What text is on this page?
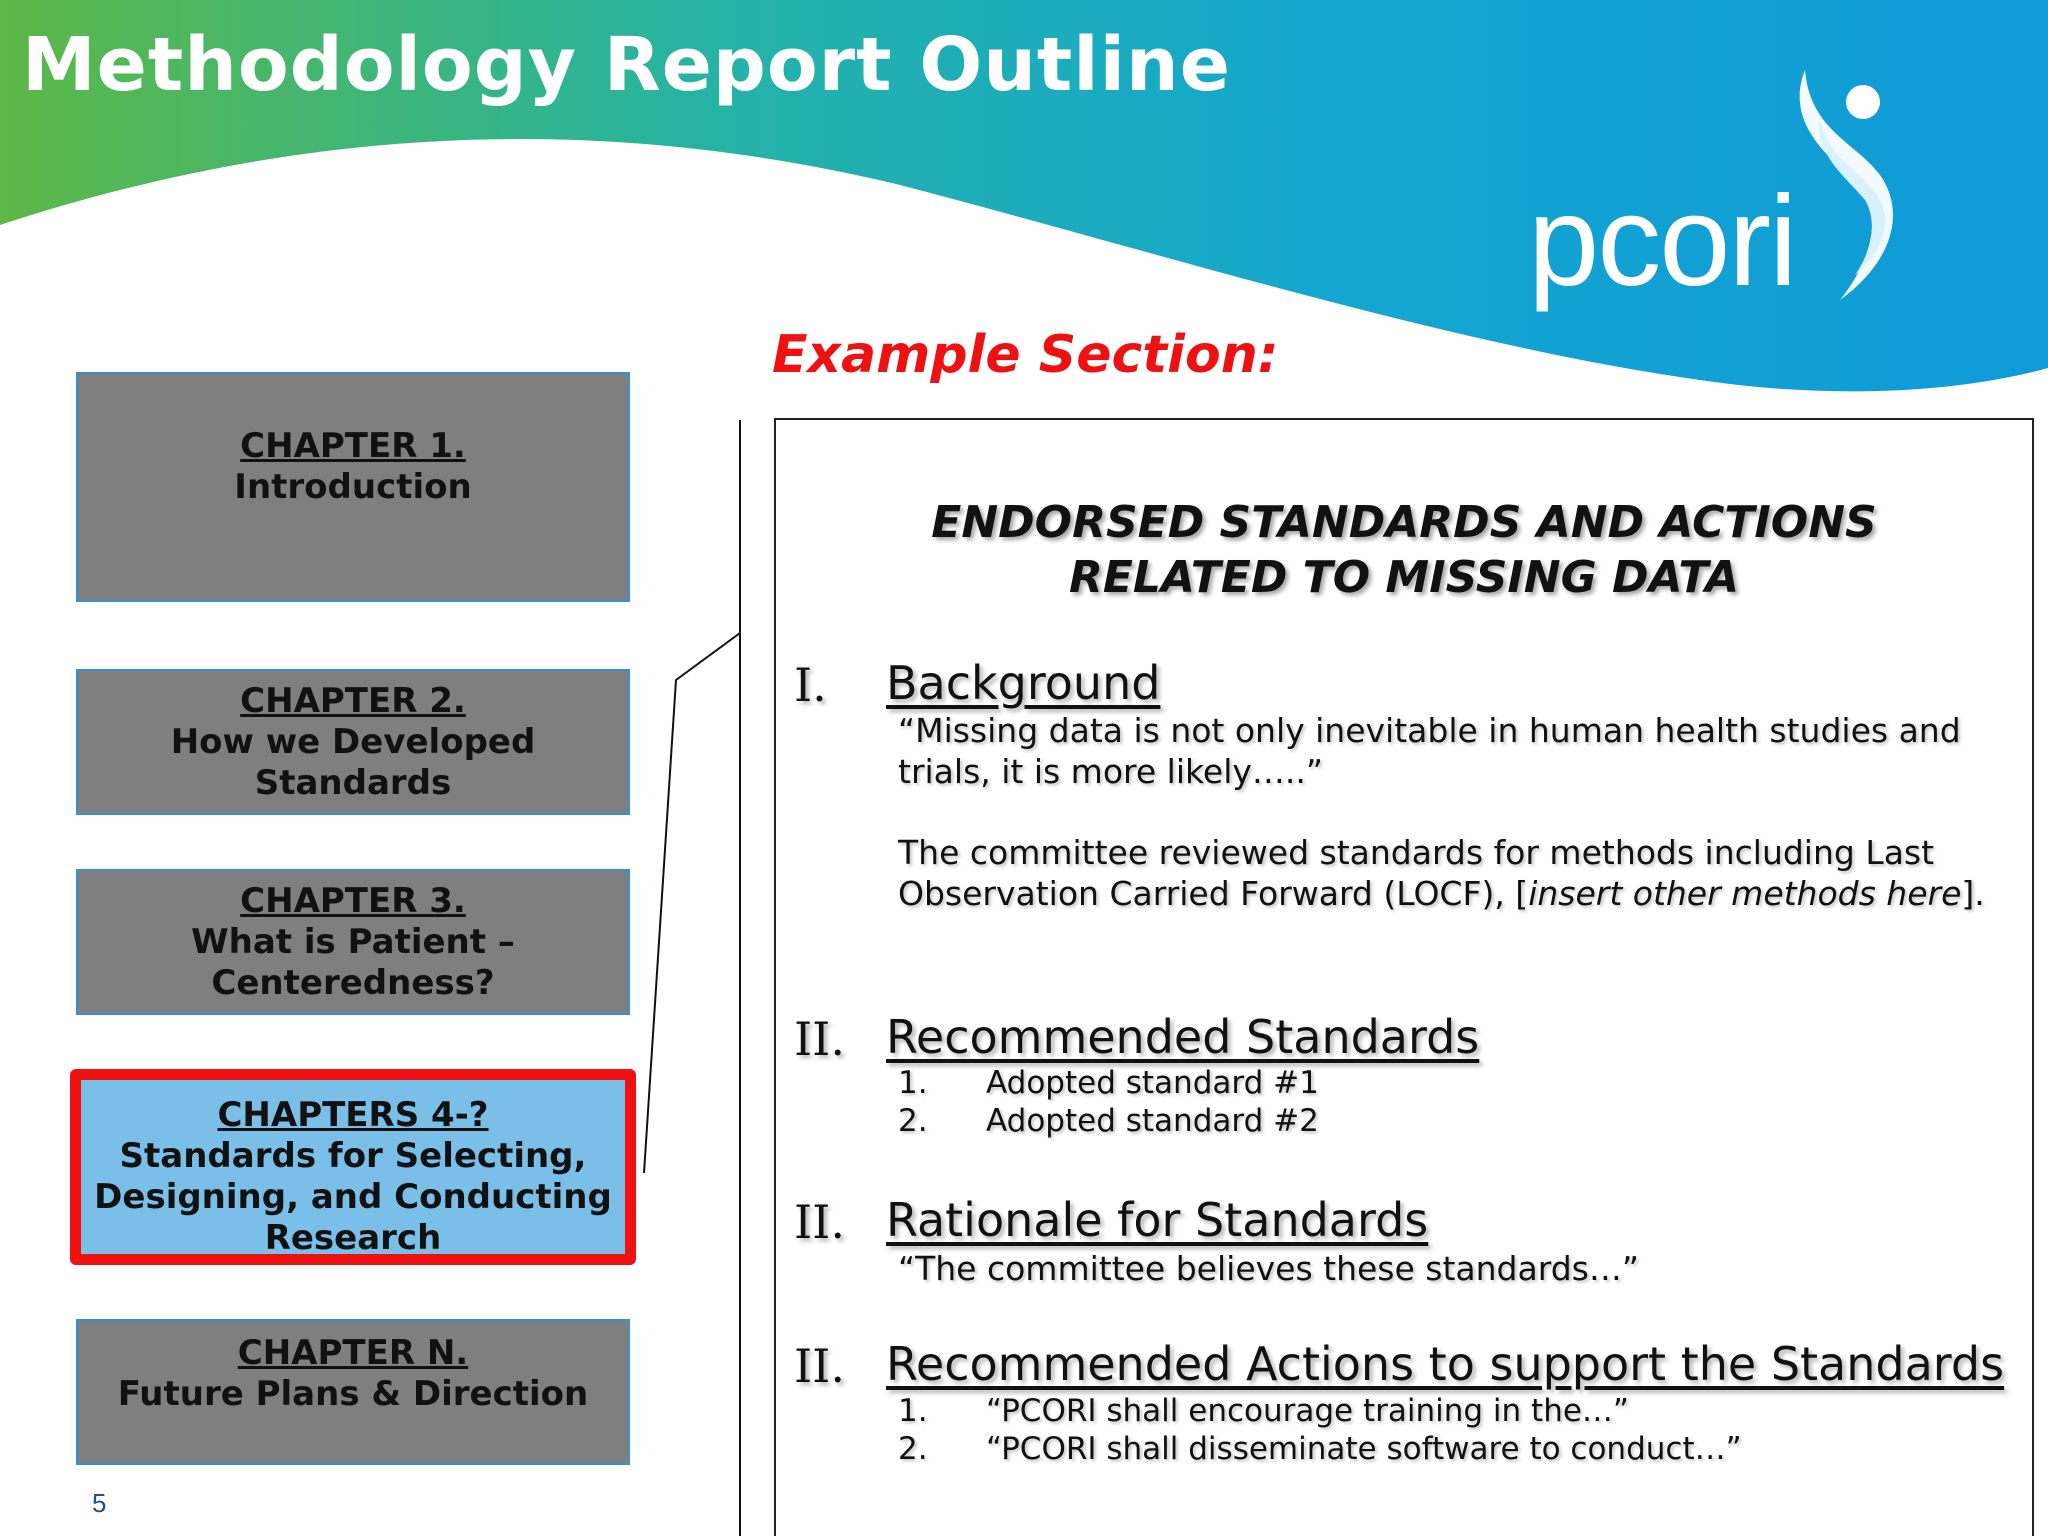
Methodology Report Outline
pcori
Example Section:
CHAPTER 1.
Introduction
CHAPTER 2.
How we Developed Standards
CHAPTER 3.
What is Patient – Centeredness?
CHAPTERS 4-?
Standards for Selecting, Designing, and Conducting Research
CHAPTER N.
Future Plans & Direction
ENDORSED STANDARDS AND ACTIONS
RELATED TO MISSING DATA
I. Background
“Missing data is not only inevitable in human health studies and trials, it is more likely…..”
The committee reviewed standards for methods including Last Observation Carried Forward (LOCF), [insert other methods here].
II. Recommended Standards
1. Adopted standard #1
2. Adopted standard #2
II. Rationale for Standards
“The committee believes these standards…”
II. Recommended Actions to support the Standards
1. “PCORI shall encourage training in the…”
2. “PCORI shall disseminate software to conduct…”
5
